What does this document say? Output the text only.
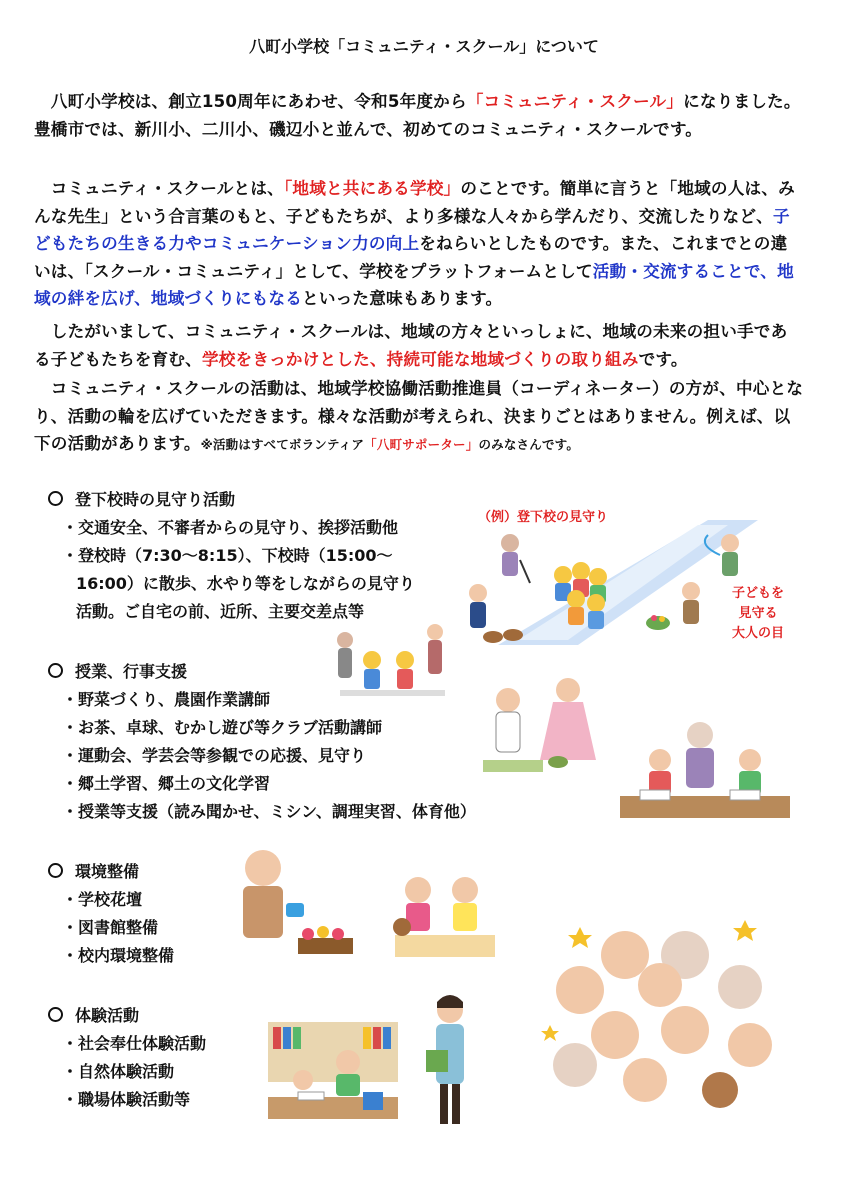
八町小学校「コミュニティ・スクール」について

　八町小学校は、創立150周年にあわせ、令和5年度から「コミュニティ・スクール」になりました。豊橋市では、新川小、二川小、磯辺小と並んで、初めてのコミュニティ・スクールです。

　コミュニティ・スクールとは、「地域と共にある学校」のことです。簡単に言うと「地域の人は、みんな先生」という合言葉のもと、子どもたちが、より多様な人々から学んだり、交流したりなど、子どもたちの生きる力やコミュニケーション力の向上をねらいとしたものです。また、これまでとの違いは、「スクール・コミュニティ」として、学校をプラットフォームとして活動・交流することで、地域の絆を広げ、地域づくりにもなるといった意味もあります。

　したがいまして、コミュニティ・スクールは、地域の方々といっしょに、地域の未来の担い手である子どもたちを育む、学校をきっかけとした、持続可能な地域づくりの取り組みです。

　コミュニティ・スクールの活動は、地域学校協働活動推進員（コーディネーター）の方が、中心となり、活動の輪を広げていただきます。様々な活動が考えられ、決まりごとはありません。例えば、以下の活動があります。※活動はすべてボランティア「八町サポーター」のみなさんです。

登下校時の見守り活動
・交通安全、不審者からの見守り、挨拶活動他
・登校時（7:30〜8:15）、下校時（15:00〜
16:00）に散歩、水やり等をしながらの見守り
活動。ご自宅の前、近所、主要交差点等
授業、行事支援
・野菜づくり、農園作業講師
・お茶、卓球、むかし遊び等クラブ活動講師
・運動会、学芸会等参観での応援、見守り
・郷土学習、郷土の文化学習
・授業等支援（読み聞かせ、ミシン、調理実習、体育他）
環境整備
・学校花壇
・図書館整備
・校内環境整備
体験活動
・社会奉仕体験活動
・自然体験活動
・職場体験活動等
（例）登下校の見守り
子どもを
見守る
大人の目
